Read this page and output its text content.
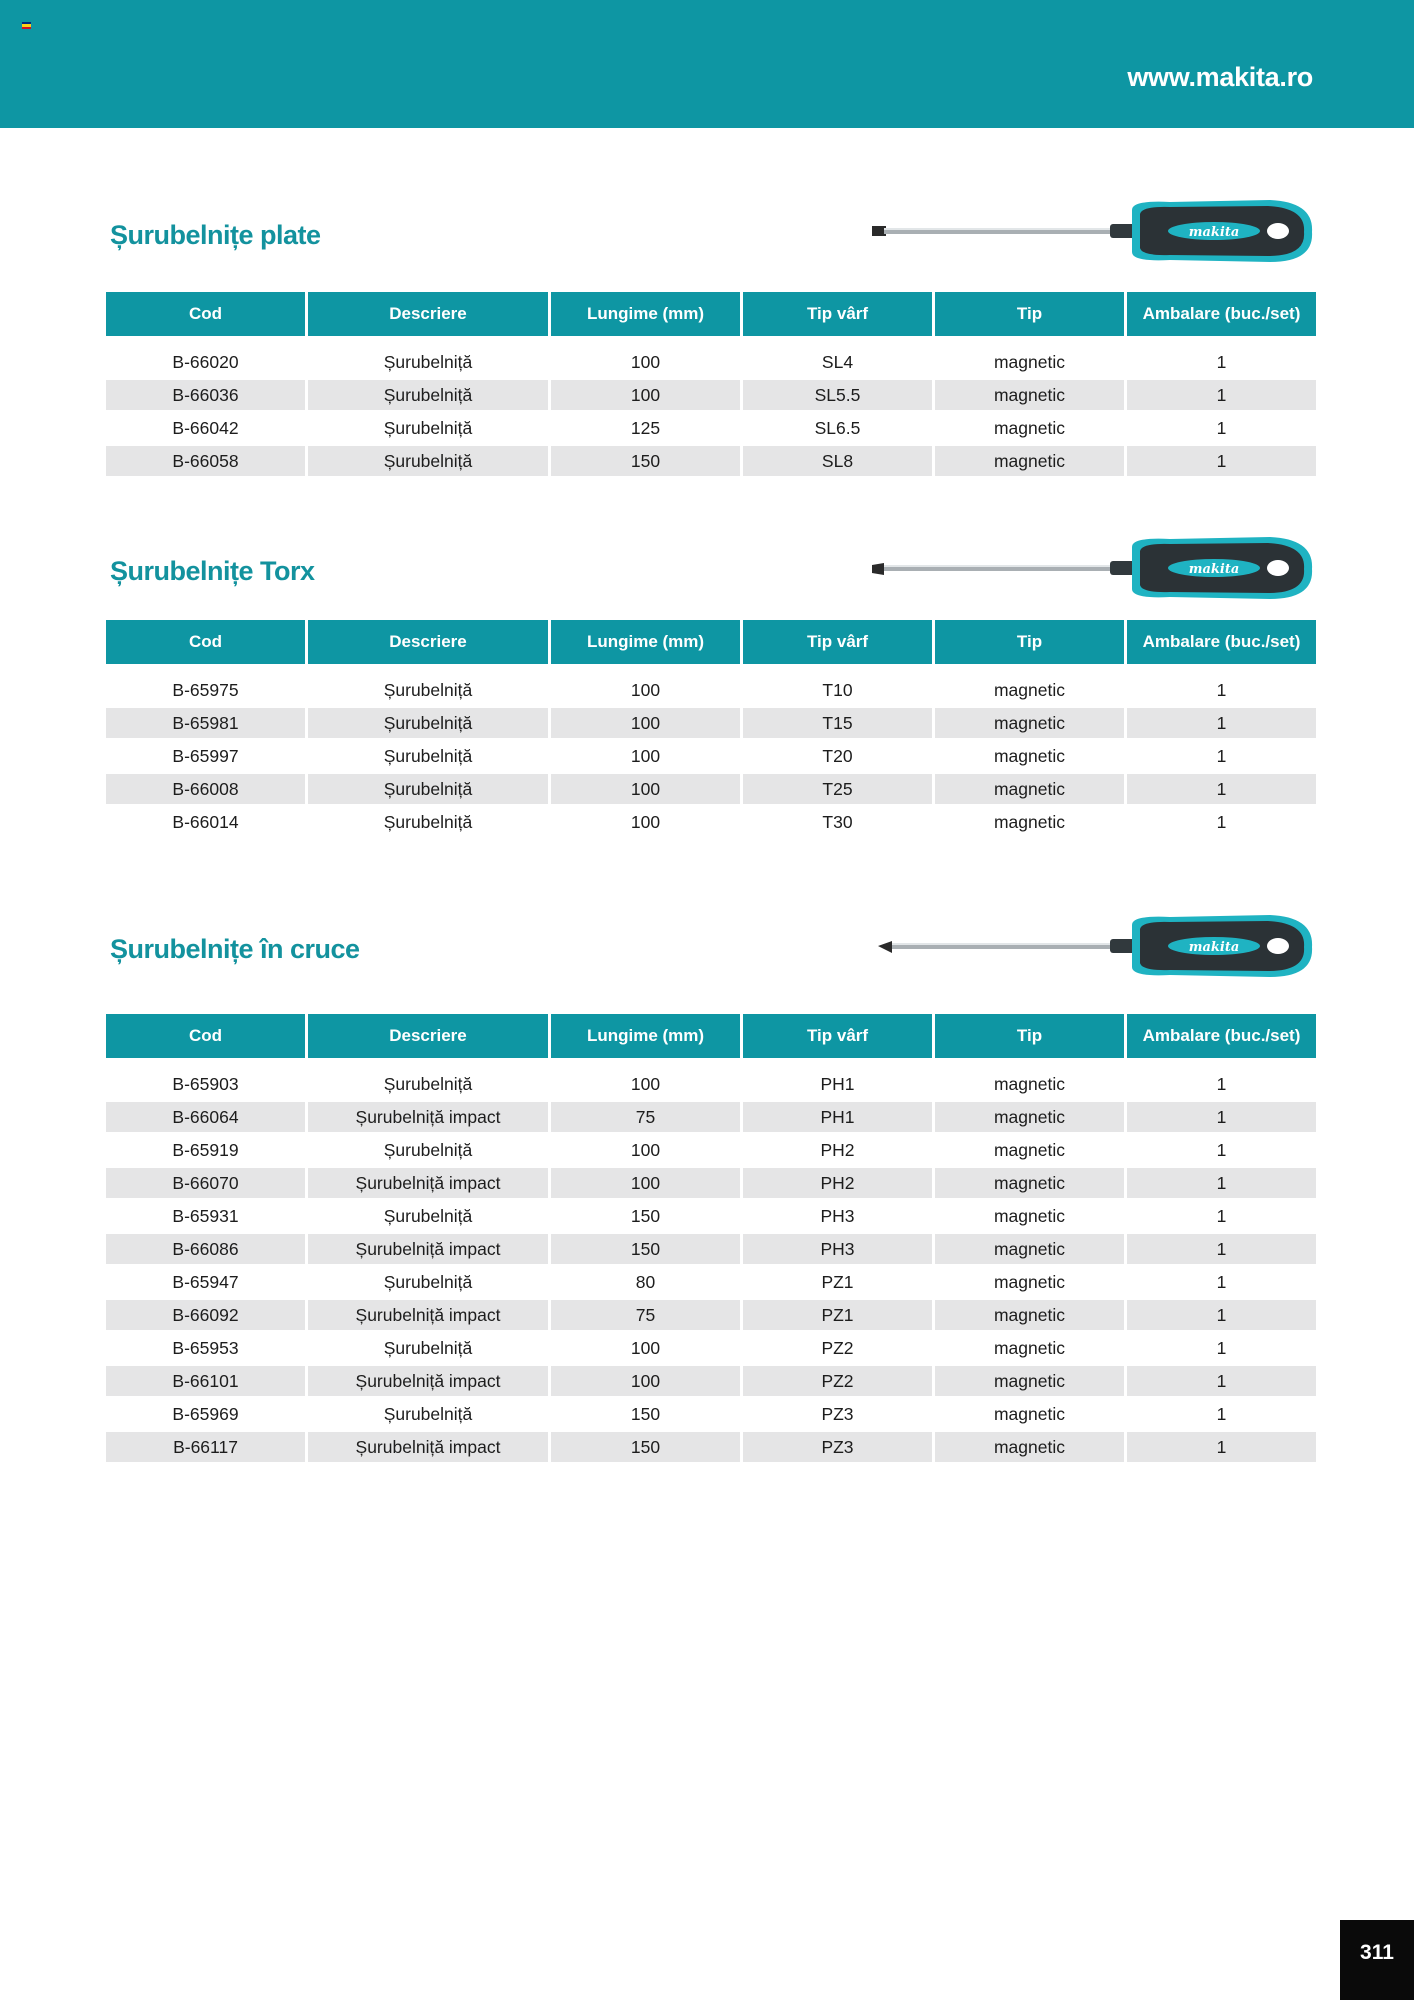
www.makita.ro
Șurubelnițe plate	makita
Cod	Descriere	Lungime (mm)	Tip vârf	Tip	Ambalare (buc./set)
B-66020	Șurubelniță	100	SL4	magnetic	1
B-66036	Șurubelniță	100	SL5.5	magnetic	1
B-66042	Șurubelniță	125	SL6.5	magnetic	1
B-66058	Șurubelniță	150	SL8	magnetic	1
Șurubelnițe Torx	makita
Cod	Descriere	Lungime (mm)	Tip vârf	Tip	Ambalare (buc./set)
B-65975	Șurubelniță	100	T10	magnetic	1
B-65981	Șurubelniță	100	T15	magnetic	1
B-65997	Șurubelniță	100	T20	magnetic	1
B-66008	Șurubelniță	100	T25	magnetic	1
B-66014	Șurubelniță	100	T30	magnetic	1
Șurubelnițe în cruce	makita
Cod	Descriere	Lungime (mm)	Tip vârf	Tip	Ambalare (buc./set)
B-65903	Șurubelniță	100	PH1	magnetic	1
B-66064	Șurubelniță impact	75	PH1	magnetic	1
B-65919	Șurubelniță	100	PH2	magnetic	1
B-66070	Șurubelniță impact	100	PH2	magnetic	1
B-65931	Șurubelniță	150	PH3	magnetic	1
B-66086	Șurubelniță impact	150	PH3	magnetic	1
B-65947	Șurubelniță	80	PZ1	magnetic	1
B-66092	Șurubelniță impact	75	PZ1	magnetic	1
B-65953	Șurubelniță	100	PZ2	magnetic	1
B-66101	Șurubelniță impact	100	PZ2	magnetic	1
B-65969	Șurubelniță	150	PZ3	magnetic	1
B-66117	Șurubelniță impact	150	PZ3	magnetic	1
311
